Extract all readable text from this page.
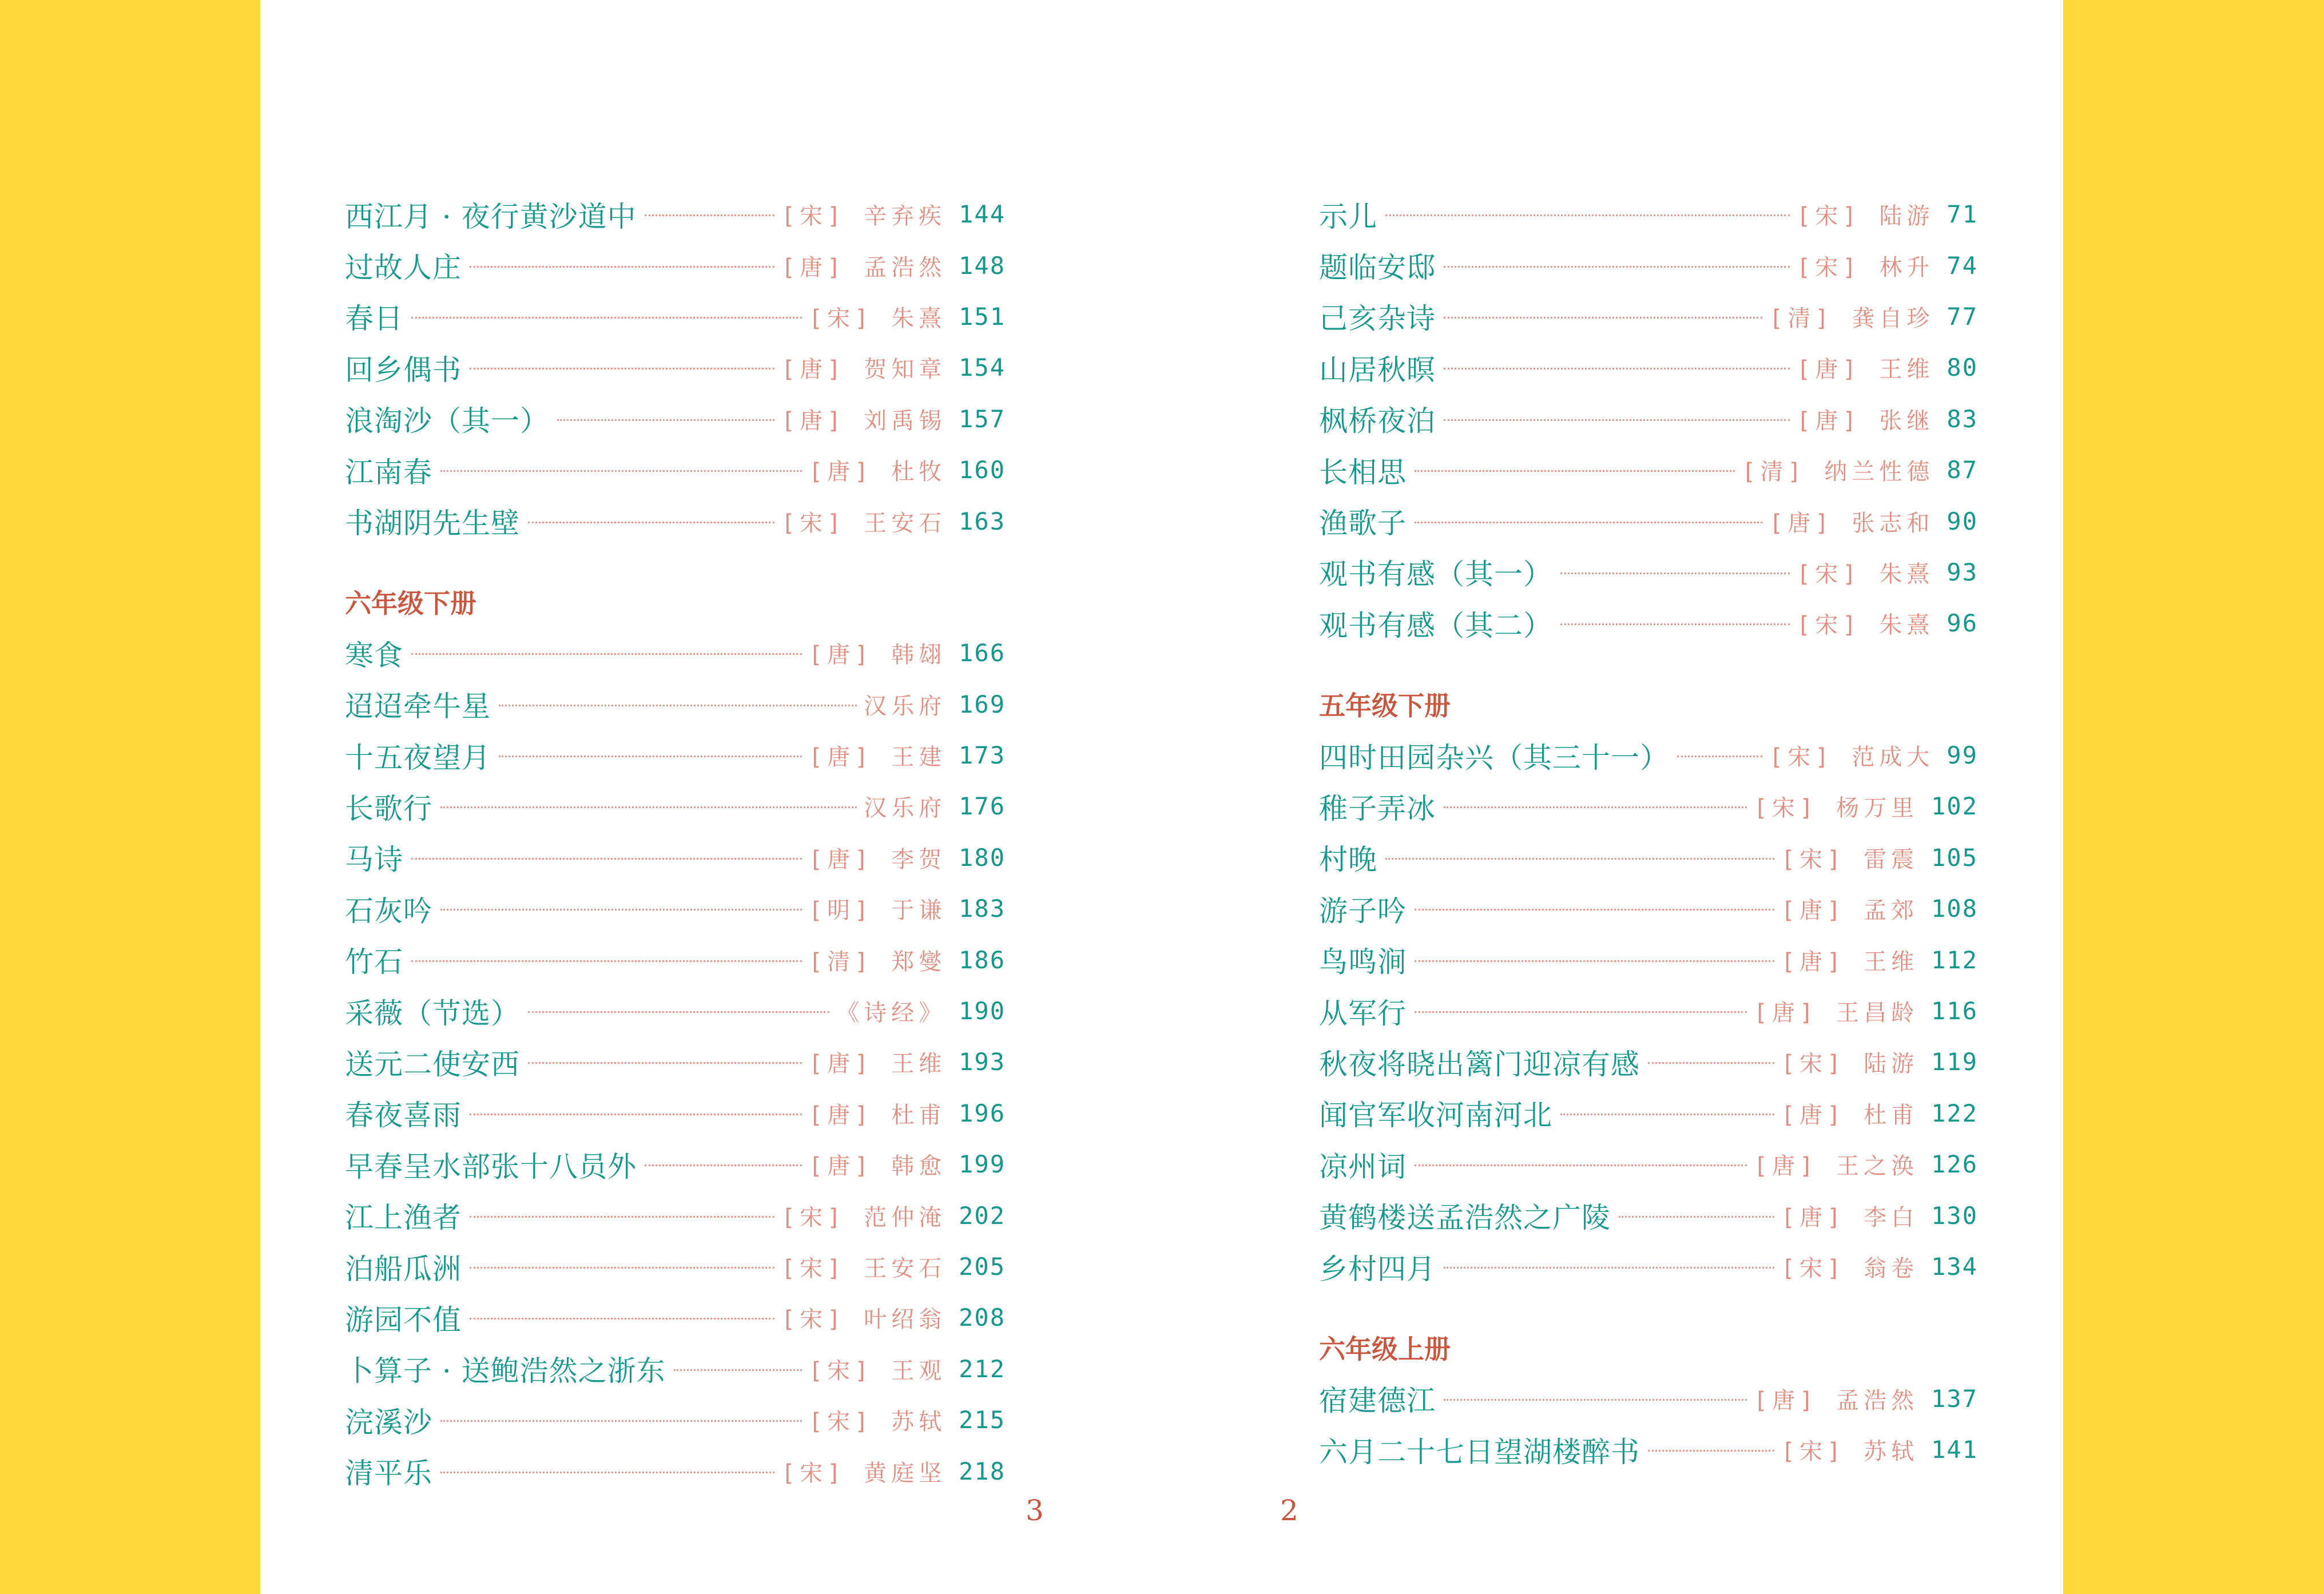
西江月 · 夜行黄沙道中	[宋] 辛弃疾 144
过故人庄	[唐] 孟浩然 148
春日	[宋] 朱熹 151
回乡偶书	[唐] 贺知章 154
浪淘沙（其一）	[唐] 刘禹锡 157
江南春	[唐] 杜牧 160
书湖阴先生壁	[宋] 王安石 163
六年级下册
寒食	[唐] 韩翃 166
迢迢牵牛星	汉乐府 169
十五夜望月	[唐] 王建 173
长歌行	汉乐府 176
马诗	[唐] 李贺 180
石灰吟	[明] 于谦 183
竹石	[清] 郑燮 186
采薇（节选）	《诗经》 190
送元二使安西	[唐] 王维 193
春夜喜雨	[唐] 杜甫 196
早春呈水部张十八员外	[唐] 韩愈 199
江上渔者	[宋] 范仲淹 202
泊船瓜洲	[宋] 王安石 205
游园不值	[宋] 叶绍翁 208
卜算子 · 送鲍浩然之浙东	[宋] 王观 212
浣溪沙	[宋] 苏轼 215
清平乐	[宋] 黄庭坚 218
示儿	[宋] 陆游 71
题临安邸	[宋] 林升 74
己亥杂诗	[清] 龚自珍 77
山居秋暝	[唐] 王维 80
枫桥夜泊	[唐] 张继 83
长相思	[清] 纳兰性德 87
渔歌子	[唐] 张志和 90
观书有感（其一）	[宋] 朱熹 93
观书有感（其二）	[宋] 朱熹 96
五年级下册
四时田园杂兴（其三十一）	[宋] 范成大 99
稚子弄冰	[宋] 杨万里 102
村晚	[宋] 雷震 105
游子吟	[唐] 孟郊 108
鸟鸣涧	[唐] 王维 112
从军行	[唐] 王昌龄 116
秋夜将晓出篱门迎凉有感	[宋] 陆游 119
闻官军收河南河北	[唐] 杜甫 122
凉州词	[唐] 王之涣 126
黄鹤楼送孟浩然之广陵	[唐] 李白 130
乡村四月	[宋] 翁卷 134
六年级上册
宿建德江	[唐] 孟浩然 137
六月二十七日望湖楼醉书	[宋] 苏轼 141
3	2
